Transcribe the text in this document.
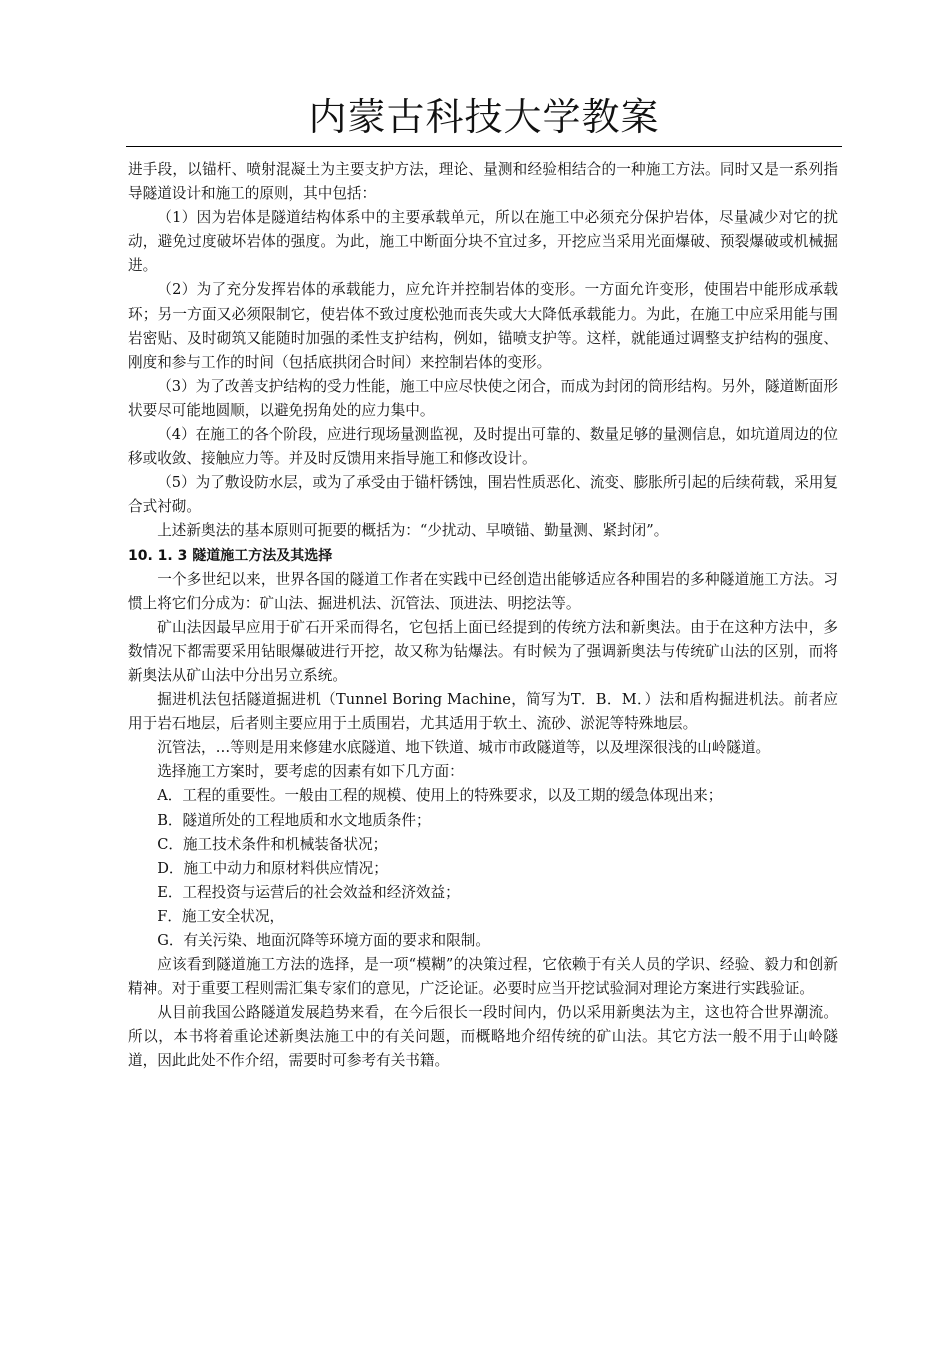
内蒙古科技大学教案

进手段，以锚杆、喷射混凝土为主要支护方法，理论、量测和经验相结合的一种施工方法。同时又是一系列指导隧道设计和施工的原则，其中包括：

（1）因为岩体是隧道结构体系中的主要承载单元，所以在施工中必须充分保护岩体，尽量减少对它的扰动，避免过度破坏岩体的强度。为此，施工中断面分块不宜过多，开挖应当采用光面爆破、预裂爆破或机械掘进。

（2）为了充分发挥岩体的承载能力，应允许并控制岩体的变形。一方面允许变形，使围岩中能形成承载环；另一方面又必须限制它，使岩体不致过度松弛而丧失或大大降低承载能力。为此，在施工中应采用能与围岩密贴、及时砌筑又能随时加强的柔性支护结构，例如，锚喷支护等。这样，就能通过调整支护结构的强度、刚度和参与工作的时间（包括底拱闭合时间）来控制岩体的变形。

（3）为了改善支护结构的受力性能，施工中应尽快使之闭合，而成为封闭的筒形结构。另外，隧道断面形状要尽可能地圆顺，以避免拐角处的应力集中。

（4）在施工的各个阶段，应进行现场量测监视，及时提出可靠的、数量足够的量测信息，如坑道周边的位移或收敛、接触应力等。并及时反馈用来指导施工和修改设计。

（5）为了敷设防水层，或为了承受由于锚杆锈蚀，围岩性质恶化、流变、膨胀所引起的后续荷载，采用复合式衬砌。

上述新奥法的基本原则可扼要的概括为：“少扰动、早喷锚、勤量测、紧封闭”。

10. 1. 3 隧道施工方法及其选择

一个多世纪以来，世界各国的隧道工作者在实践中已经创造出能够适应各种围岩的多种隧道施工方法。习惯上将它们分成为：矿山法、掘进机法、沉管法、顶进法、明挖法等。

矿山法因最早应用于矿石开采而得名，它包括上面已经提到的传统方法和新奥法。由于在这种方法中，多数情况下都需要采用钻眼爆破进行开挖，故又称为钻爆法。有时候为了强调新奥法与传统矿山法的区别，而将新奥法从矿山法中分出另立系统。

掘进机法包括隧道掘进机（Tunnel Boring Machine，简写为T．B．M．）法和盾构掘进机法。前者应用于岩石地层，后者则主要应用于土质围岩，尤其适用于软土、流砂、淤泥等特殊地层。

沉管法，…等则是用来修建水底隧道、地下铁道、城市市政隧道等，以及埋深很浅的山岭隧道。

选择施工方案时，要考虑的因素有如下几方面：

A．工程的重要性。一般由工程的规模、使用上的特殊要求，以及工期的缓急体现出来；

B．隧道所处的工程地质和水文地质条件；

C．施工技术条件和机械装备状况；

D．施工中动力和原材料供应情况；

E．工程投资与运营后的社会效益和经济效益；

F．施工安全状况，

G．有关污染、地面沉降等环境方面的要求和限制。

应该看到隧道施工方法的选择，是一项“模糊”的决策过程，它依赖于有关人员的学识、经验、毅力和创新精神。对于重要工程则需汇集专家们的意见，广泛论证。必要时应当开挖试验洞对理论方案进行实践验证。

从目前我国公路隧道发展趋势来看，在今后很长一段时间内，仍以采用新奥法为主，这也符合世界潮流。所以，本书将着重论述新奥法施工中的有关问题，而概略地介绍传统的矿山法。其它方法一般不用于山岭隧道，因此此处不作介绍，需要时可参考有关书籍。
